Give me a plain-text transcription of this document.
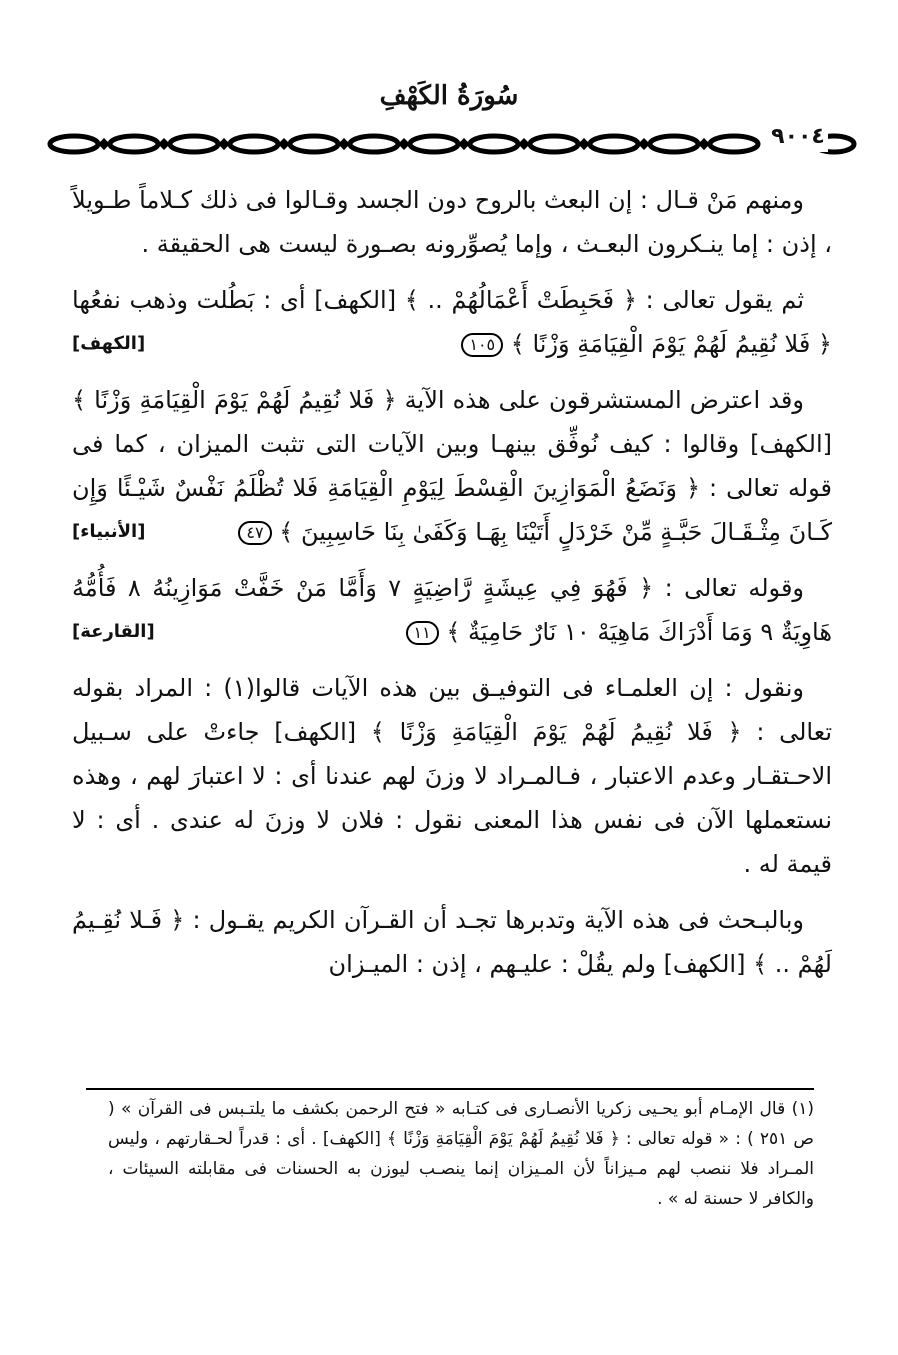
سُورَةُ الكَهْفِ
٩٠٠٤

ومنهم مَنْ قـال : إن البعث بالروح دون الجسد وقـالوا فى ذلك كـلاماً طـويلاً ، إذن : إما ينـكرون البعـث ، وإما يُصوِّرونه بصـورة ليست هى الحقيقة .

ثم يقول تعالى : ﴿ فَحَبِطَتْ أَعْمَالُهُمْ .. ﴾ [الكهف] أى : بَطُلت وذهب نفعُها ﴿ فَلا نُقِيمُ لَهُمْ يَوْمَ الْقِيَامَةِ وَزْنًا ﴾ ١٠٥
[الكهف]

وقد اعترض المستشرقون على هذه الآية ﴿ فَلا نُقِيمُ لَهُمْ يَوْمَ الْقِيَامَةِ وَزْنًا ﴾ [الكهف] وقالوا : كيف نُوفِّق بينهـا وبين الآيات التى تثبت الميزان ، كما فى قوله تعالى : ﴿ وَنَضَعُ الْمَوَازِينَ الْقِسْطَ لِيَوْمِ الْقِيَامَةِ فَلا تُظْلَمُ نَفْسٌ شَيْـئًا وَإِن كَـانَ مِثْـقَـالَ حَبَّـةٍ مِّنْ خَرْدَلٍ أَتَيْنَا بِهَـا وَكَفَىٰ بِنَا حَاسِبِينَ ﴾ ٤٧
[الأنبياء]

وقوله تعالى : ﴿ فَهُوَ فِي عِيشَةٍ رَّاضِيَةٍ ٧ وَأَمَّا مَنْ خَفَّتْ مَوَازِينُهُ ٨ فَأُمُّهُ هَاوِيَةٌ ٩ وَمَا أَدْرَاكَ مَاهِيَهْ ١٠ نَارٌ حَامِيَةٌ ﴾ ١١
[القارعة]

ونقول : إن العلمـاء فى التوفيـق بين هذه الآيات قالوا(١) : المراد بقوله تعالى : ﴿ فَلا نُقِيمُ لَهُمْ يَوْمَ الْقِيَامَةِ وَزْنًا ﴾ [الكهف] جاءتْ على سـبيل الاحـتقـار وعدم الاعتبار ، فـالمـراد لا وزنَ لهم عندنا أى : لا اعتبارَ لهم ، وهذه نستعملها الآن فى نفس هذا المعنى نقول : فلان لا وزنَ له عندى . أى : لا قيمة له .

وبالبـحث فى هذه الآية وتدبرها تجـد أن القـرآن الكريم يقـول : ﴿ فَـلا نُقِـيمُ لَهُمْ .. ﴾ [الكهف] ولم يقُلْ : عليـهم ، إذن : الميـزان

(١) قال الإمـام أبو يحـيى زكريا الأنصـارى فى كتـابه « فتح الرحمن بكشف ما يلتـبس فى القرآن » ( ص ٢٥١ ) : « قوله تعالى : ﴿ فَلا نُقِيمُ لَهُمْ يَوْمَ الْقِيَامَةِ وَزْنًا ﴾ [الكهف] . أى : قدراً لحـقارتهم ، وليس المـراد فلا ننصب لهم مـيزاناً لأن المـيزان إنما ينصـب ليوزن به الحسنات فى مقابلته السيئات ، والكافر لا حسنة له » .
